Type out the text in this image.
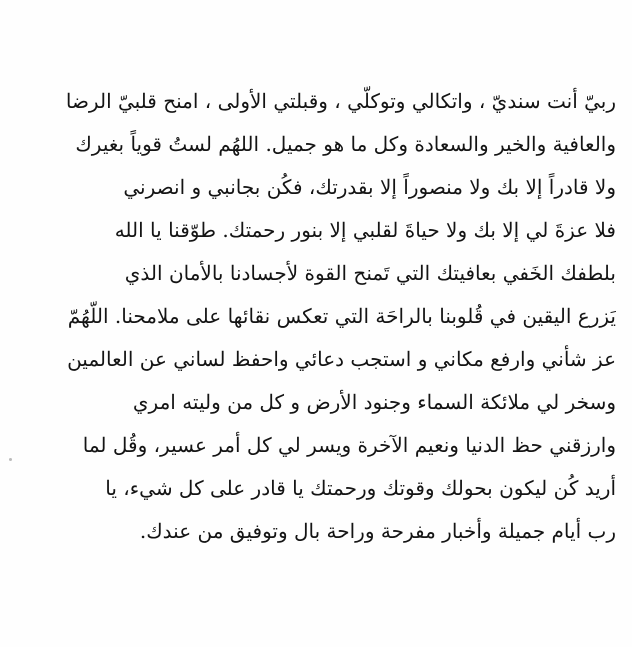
ربيّ أنت سنديّ ، واتكالي وتوكلّي ، وقبلتي الأولى ، امنح قلبيّ الرضا
والعافية والخير والسعادة وكل ما هو جميل. اللهُم لستُ قوياً بغيرك
ولا قادراً إلا بك ولا منصوراً إلا بقدرتك، فكُن بجانبي و انصرني
فلا عزةَ لي إلا بك ولا حياةَ لقلبي إلا بنور رحمتك. طوّقنا يا الله
بلطفك الخَفي بعافيتك التي تَمنح القوة لأجسادنا بالأمان الذي
يَزرع اليقين في قُلوبنا بالراحَة التي تعكس نقائها على ملامحنا. اللّهُمّ
عز شأني وارفع مكاني و استجب دعائي واحفظ لساني عن العالمين
وسخر لي ملائكة السماء وجنود الأرض و كل من وليته امري
وارزقني حظ الدنيا ونعيم الآخرة ويسر لي كل أمر عسير، وقُل لما
أريد كُن ليكون بحولك وقوتك ورحمتك يا قادر على كل شيء، يا
رب أيام جميلة وأخبار مفرحة وراحة بال وتوفيق من عندك.
